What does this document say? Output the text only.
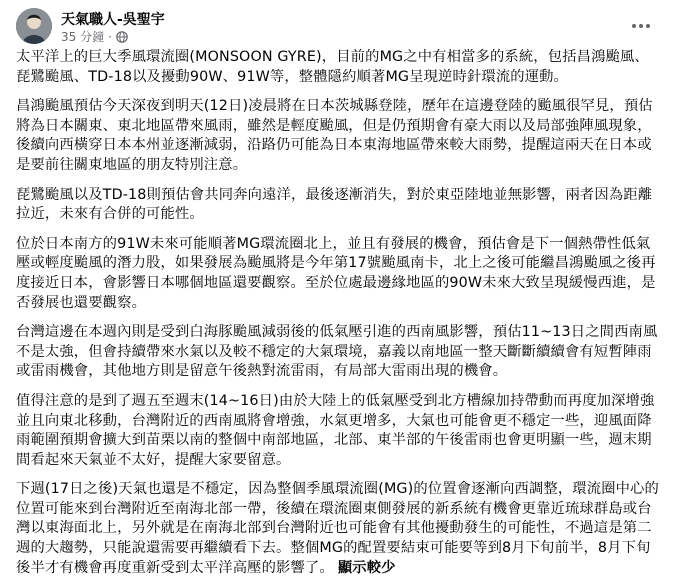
天氣職人-吳聖宇
35 分鐘 ·

太平洋上的巨大季風環流圈(MONSOON GYRE)，目前的MG之中有相當多的系統，包括昌鴻颱風、琵鷺颱風、TD-18以及擾動90W、91W等，整體隱約順著MG呈現逆時針環流的運動。

昌鴻颱風預估今天深夜到明天(12日)凌晨將在日本茨城縣登陸，歷年在這邊登陸的颱風很罕見，預估將為日本關東、東北地區帶來風雨，雖然是輕度颱風，但是仍預期會有豪大雨以及局部強陣風現象，後續向西橫穿日本本州並逐漸減弱，沿路仍可能為日本東海地區帶來較大雨勢，提醒這兩天在日本或是要前往關東地區的朋友特別注意。

琵鷺颱風以及TD-18則預估會共同奔向遠洋，最後逐漸消失，對於東亞陸地並無影響，兩者因為距離拉近，未來有合併的可能性。

位於日本南方的91W未來可能順著MG環流圈北上，並且有發展的機會，預估會是下一個熱帶性低氣壓或輕度颱風的潛力股，如果發展為颱風將是今年第17號颱風南卡，北上之後可能繼昌鴻颱風之後再度接近日本，會影響日本哪個地區還要觀察。至於位處最邊緣地區的90W未來大致呈現緩慢西進，是否發展也還要觀察。

台灣這邊在本週內則是受到白海豚颱風減弱後的低氣壓引進的西南風影響，預估11~13日之間西南風不是太強，但會持續帶來水氣以及較不穩定的大氣環境，嘉義以南地區一整天斷斷續續會有短暫陣雨或雷雨機會，其他地方則是留意午後熱對流雷雨，有局部大雷雨出現的機會。

值得注意的是到了週五至週末(14~16日)由於大陸上的低氣壓受到北方槽線加持帶動而再度加深增強並且向東北移動，台灣附近的西南風將會增強，水氣更增多，大氣也可能會更不穩定一些，迎風面降雨範圍預期會擴大到苗栗以南的整個中南部地區，北部、東半部的午後雷雨也會更明顯一些，週末期間看起來天氣並不太好，提醒大家要留意。

下週(17日之後)天氣也還是不穩定，因為整個季風環流圈(MG)的位置會逐漸向西調整，環流圈中心的位置可能來到台灣附近至南海北部一帶，後續在環流圈東側發展的新系統有機會更靠近琉球群島或台灣以東海面北上，另外就是在南海北部到台灣附近也可能會有其他擾動發生的可能性，不過這是第二週的大趨勢，只能說還需要再繼續看下去。整個MG的配置要結束可能要等到8月下旬前半，8月下旬後半才有機會再度重新受到太平洋高壓的影響了。 顯示較少
